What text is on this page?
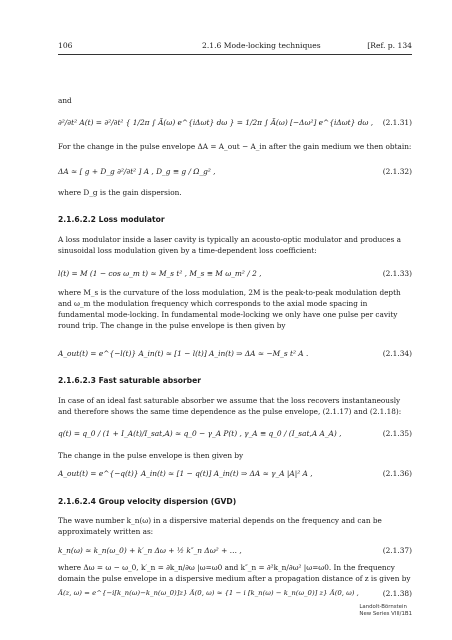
106	2.1.6 Mode-locking techniques	[Ref. p. 134
and
∂²/∂t² A(t) = ∂²/∂t² { 1/2π ∫ Ã(ω) e^{iΔωt} dω } = 1/2π ∫ Ã(ω) [−Δω²] e^{iΔωt} dω ,	(2.1.31)
For the change in the pulse envelope ΔA = A_out − A_in after the gain medium we then obtain:
ΔA ≈ [ g + D_g ∂²/∂t² ] A , D_g ≡ g / Ω_g² ,	(2.1.32)
where D_g is the gain dispersion.
2.1.6.2.2 Loss modulator
A loss modulator inside a laser cavity is typically an acousto-optic modulator and produces a sinusoidal loss modulation given by a time-dependent loss coefficient:
l(t) = M (1 − cos ω_m t) ≈ M_s t² , M_s ≡ M ω_m² / 2 ,	(2.1.33)
where M_s is the curvature of the loss modulation, 2M is the peak-to-peak modulation depth and ω_m the modulation frequency which corresponds to the axial mode spacing in fundamental mode-locking. In fundamental mode-locking we only have one pulse per cavity round trip. The change in the pulse envelope is then given by
A_out(t) = e^{−l(t)} A_in(t) ≈ [1 − l(t)] A_in(t) ⇒ ΔA ≈ −M_s t² A .	(2.1.34)
2.1.6.2.3 Fast saturable absorber
In case of an ideal fast saturable absorber we assume that the loss recovers instantaneously and therefore shows the same time dependence as the pulse envelope, (2.1.17) and (2.1.18):
q(t) = q_0 / (1 + I_A(t)/I_sat,A) ≈ q_0 − γ_A P(t) , γ_A ≡ q_0 / (I_sat,A A_A) ,	(2.1.35)
The change in the pulse envelope is then given by
A_out(t) = e^{−q(t)} A_in(t) ≈ [1 − q(t)] A_in(t) ⇒ ΔA ≈ γ_A |A|² A ,	(2.1.36)
2.1.6.2.4 Group velocity dispersion (GVD)
The wave number k_n(ω) in a dispersive material depends on the frequency and can be approximately written as:
k_n(ω) ≈ k_n(ω_0) + k′_n Δω + ½ k″_n Δω² + … ,	(2.1.37)
where Δω = ω − ω_0, k′_n = ∂k_n/∂ω |ω=ω0 and k″_n = ∂²k_n/∂ω² |ω=ω0. In the frequency domain the pulse envelope in a dispersive medium after a propagation distance of z is given by
Ã(z, ω) = e^{−i[k_n(ω)−k_n(ω_0)]z} Ã(0, ω) ≈ {1 − i [k_n(ω) − k_n(ω_0)] z} Ã(0, ω) ,	(2.1.38)
Landolt-Börnstein
New Series VIII/1B1
